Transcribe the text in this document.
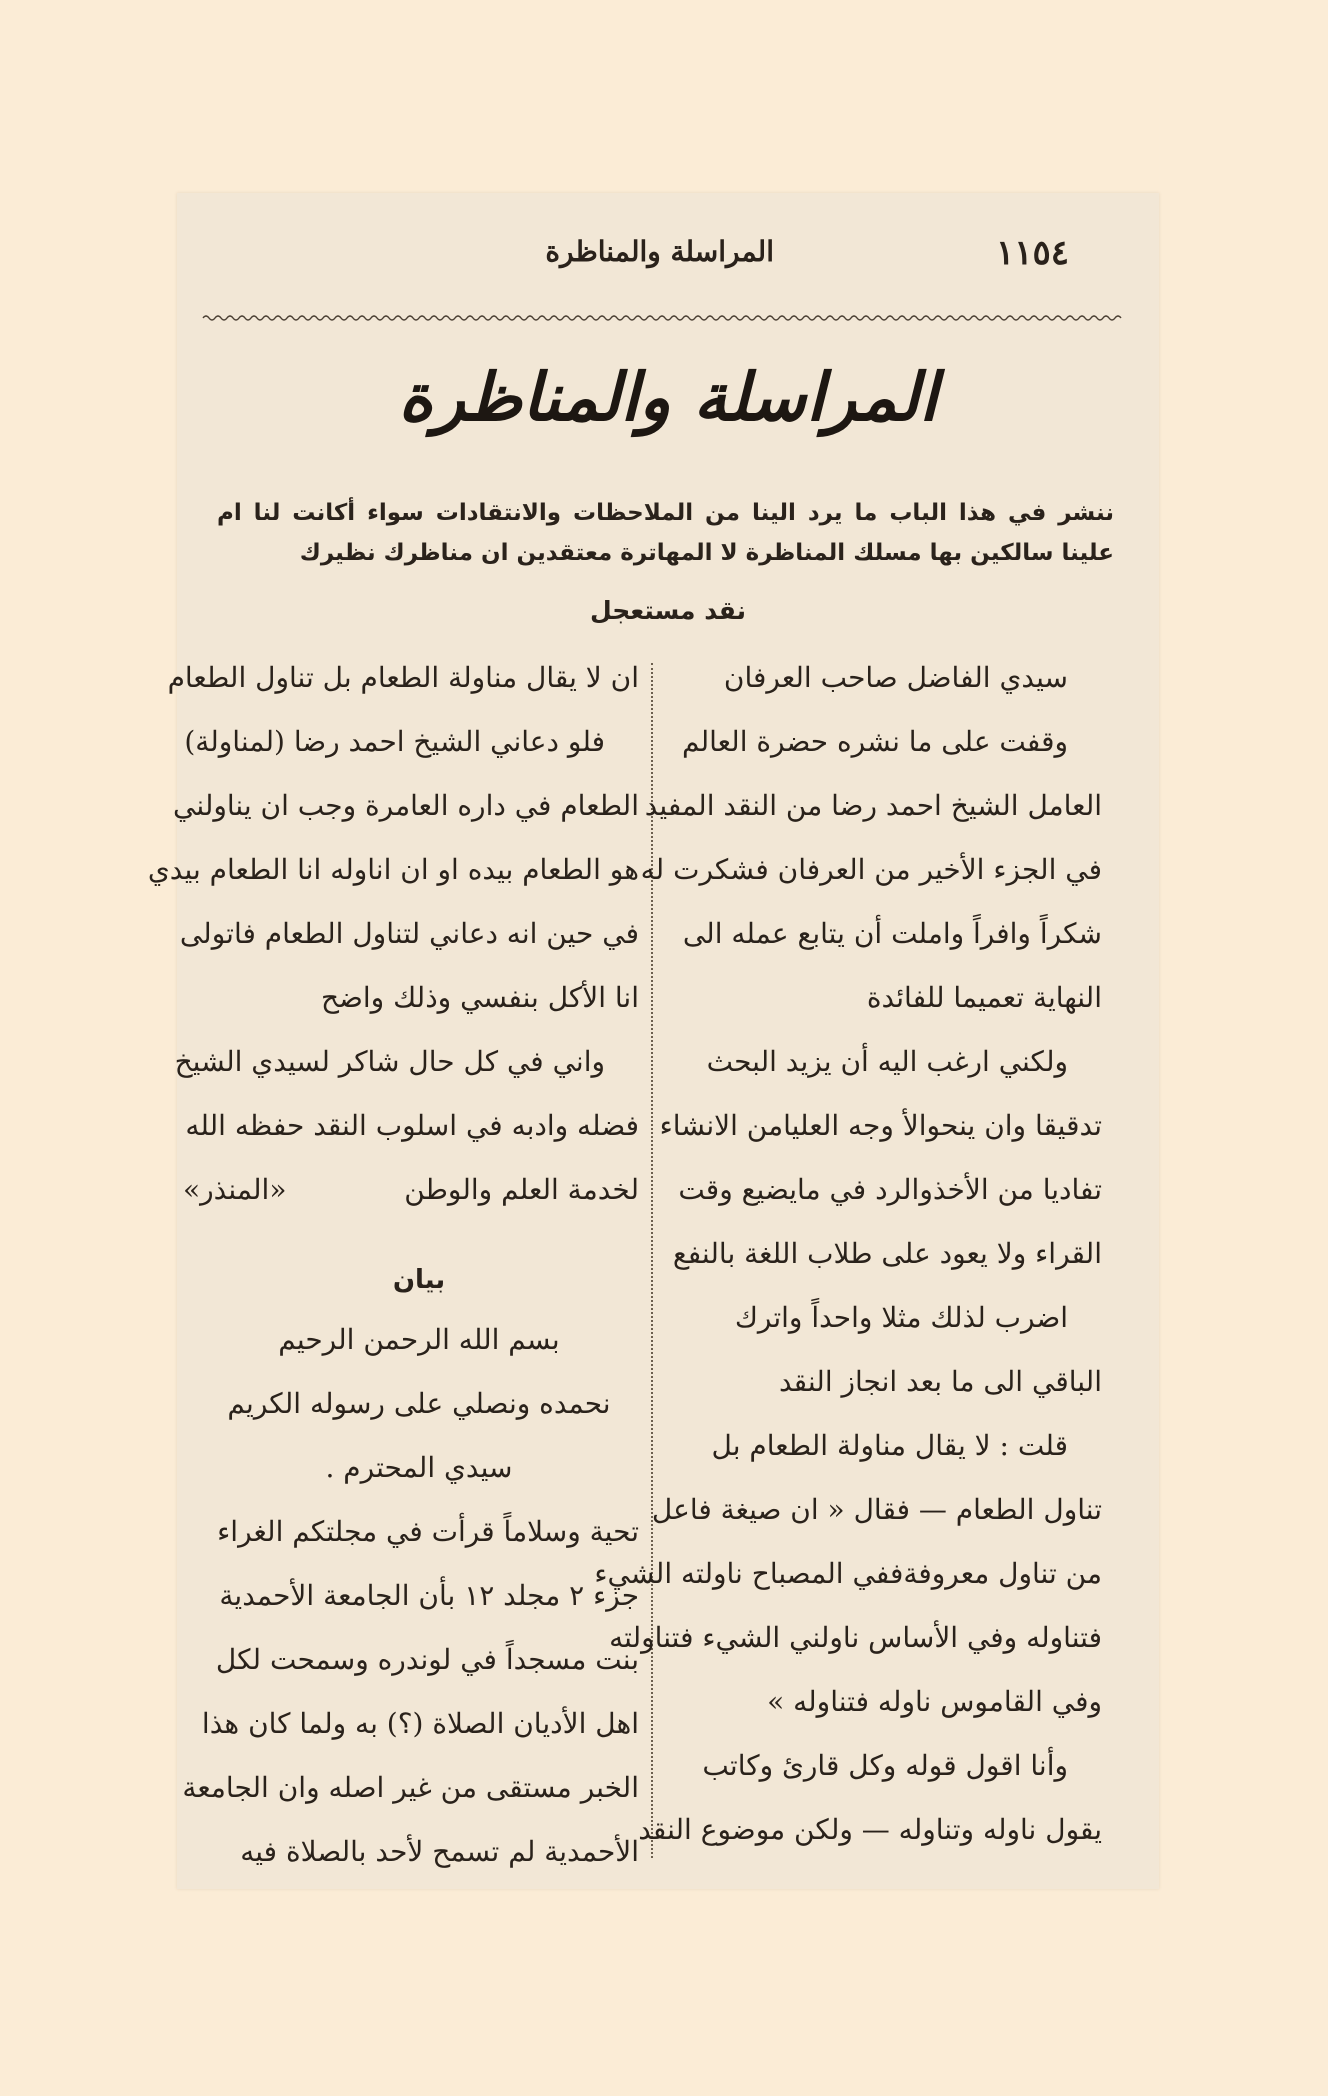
١١٥٤
المراسلة والمناظرة
المراسلة والمناظرة
ننشر في هذا الباب ما يرد الينا من الملاحظات والانتقادات سواء أكانت لنا ام علينا سالكين بها مسلك المناظرة لا المهاترة معتقدين ان مناظرك نظيرك
نقد مستعجل
سيدي الفاضل صاحب العرفان
وقفت على ما نشره حضرة العالم
العامل الشيخ احمد رضا من النقد المفيد
في الجزء الأخير من العرفان فشكرت له
شكراً وافراً واملت أن يتابع عمله الى
النهاية تعميما للفائدة
ولكني ارغب اليه أن يزيد البحث
تدقيقا وان ينحوالأ وجه العليامن الانشاء
تفاديا من الأخذوالرد في مايضيع وقت
القراء ولا يعود على طلاب اللغة بالنفع
اضرب لذلك مثلا واحداً واترك
الباقي الى ما بعد انجاز النقد
قلت : لا يقال مناولة الطعام بل
تناول الطعام — فقال « ان صيغة فاعل
من تناول معروفةففي المصباح ناولته الشيء
فتناوله وفي الأساس ناولني الشيء فتناولته
وفي القاموس ناوله فتناوله »
وأنا اقول قوله وكل قارئ وكاتب
يقول ناوله وتناوله — ولكن موضوع النقد
ان لا يقال مناولة الطعام بل تناول الطعام
فلو دعاني الشيخ احمد رضا (لمناولة)
الطعام في داره العامرة وجب ان يناولني
هو الطعام بيده او ان اناوله انا الطعام بيدي
في حين انه دعاني لتناول الطعام فاتولى
انا الأكل بنفسي وذلك واضح
واني في كل حال شاكر لسيدي الشيخ
فضله وادبه في اسلوب النقد حفظه الله
لخدمة العلم والوطن  «المنذر»
بيان
بسم الله الرحمن الرحيم
نحمده ونصلي على رسوله الكريم
سيدي المحترم .
تحية وسلاماً قرأت في مجلتكم الغراء
جزء ٢ مجلد ١٢ بأن الجامعة الأحمدية
بنت مسجداً في لوندره وسمحت لكل
اهل الأديان الصلاة (؟) به ولما كان هذا
الخبر مستقى من غير اصله وان الجامعة
الأحمدية لم تسمح لأحد بالصلاة فيه
